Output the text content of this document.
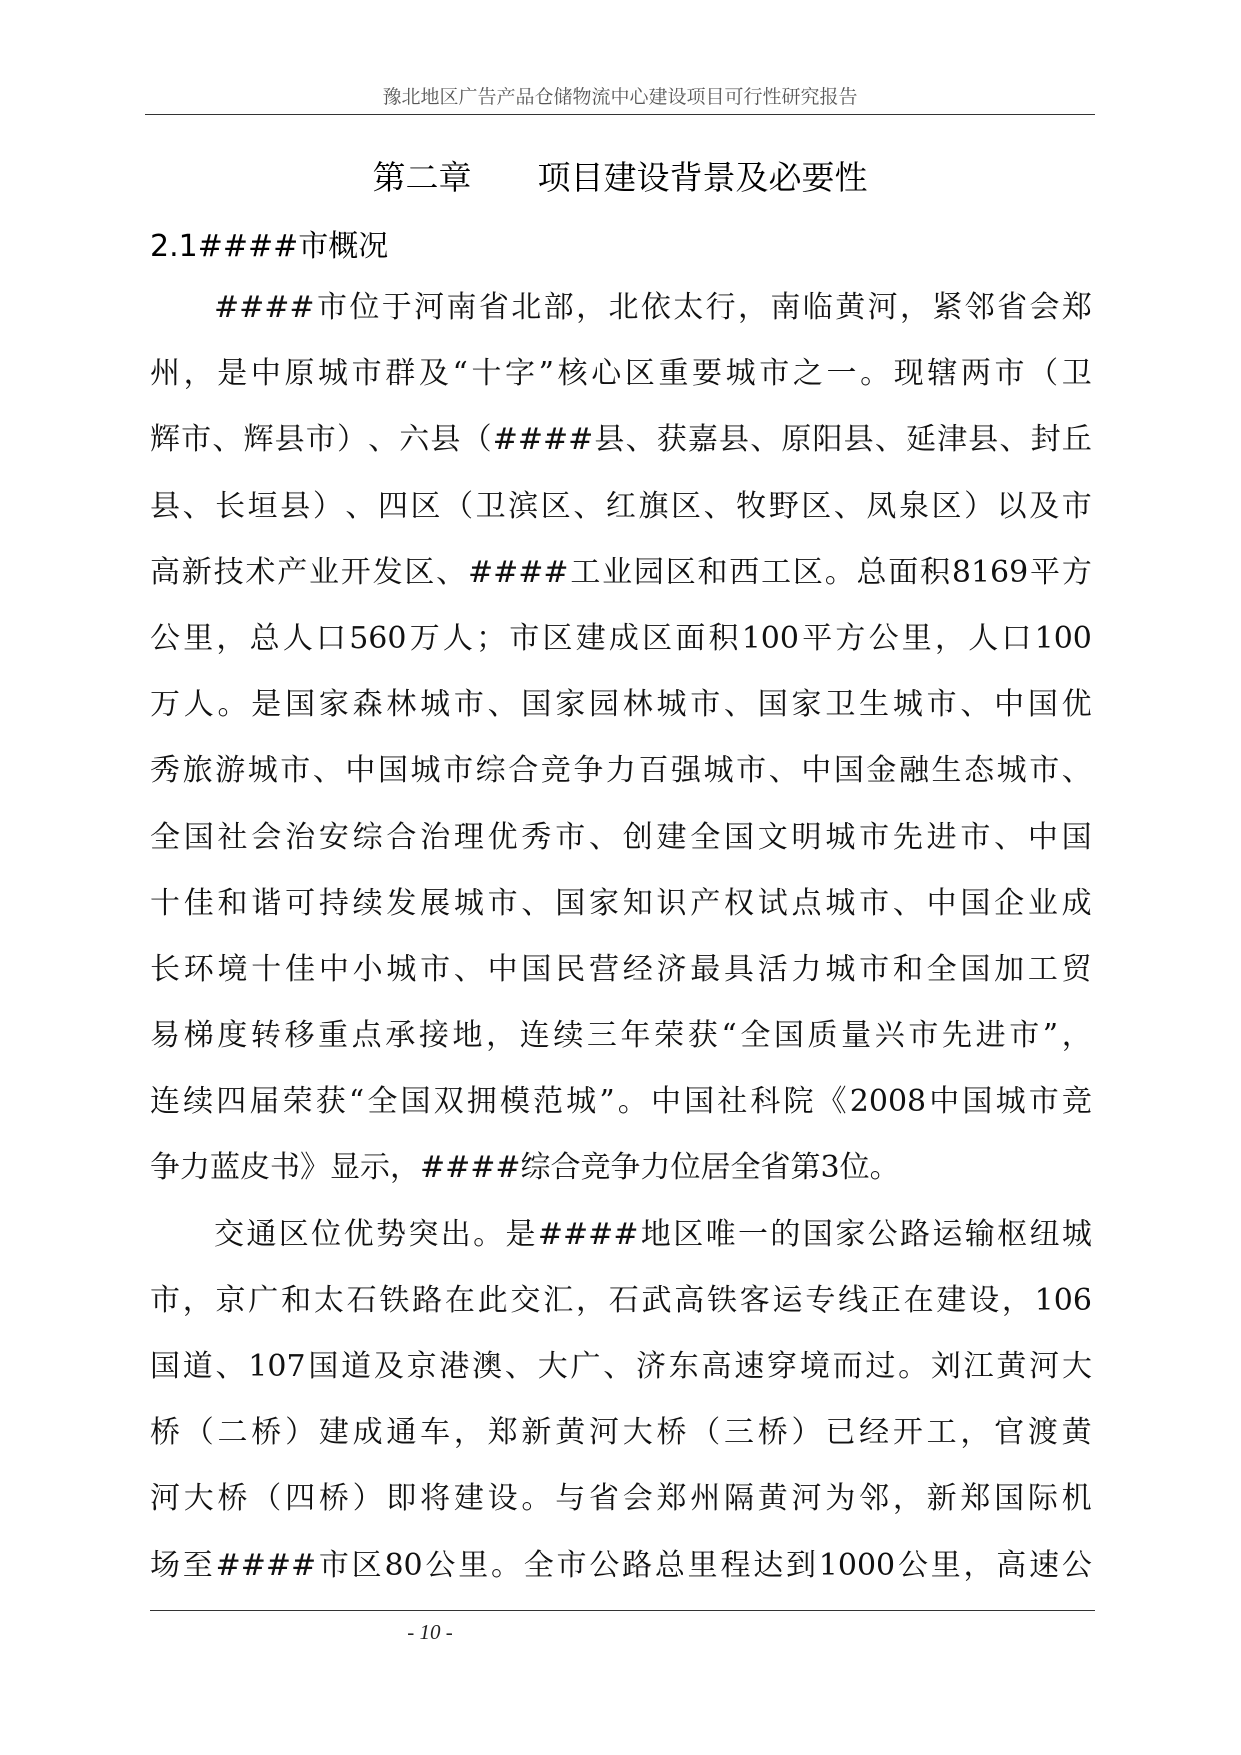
豫北地区广告产品仓储物流中心建设项目可行性研究报告
第二章　　项目建设背景及必要性
2.1####市概况
#### 市 位 于 河 南 省 北 部 ， 北 依 太 行 ， 南 临 黄 河 ， 紧 邻 省 会 郑
州 ， 是 中 原 城 市 群 及 “ 十 字 ” 核 心 区 重 要 城 市 之 一 。 现 辖 两 市 （ 卫
辉 市 、 辉 县 市 ） 、 六 县 （ #### 县 、 获 嘉 县 、 原 阳 县 、 延 津 县 、 封 丘
县 、 长 垣 县 ） 、 四 区 （ 卫 滨 区 、 红 旗 区 、 牧 野 区 、 凤 泉 区 ） 以 及 市
高 新 技 术 产 业 开 发 区 、 #### 工 业 园 区 和 西 工 区 。 总 面 积 8169 平 方
公 里 ， 总 人 口 560 万 人 ； 市 区 建 成 区 面 积 100 平 方 公 里 ， 人 口 100
万 人 。 是 国 家 森 林 城 市 、 国 家 园 林 城 市 、 国 家 卫 生 城 市 、 中 国 优
秀 旅 游 城 市 、 中 国 城 市 综 合 竞 争 力 百 强 城 市 、 中 国 金 融 生 态 城 市 、
全 国 社 会 治 安 综 合 治 理 优 秀 市 、 创 建 全 国 文 明 城 市 先 进 市 、 中 国
十 佳 和 谐 可 持 续 发 展 城 市 、 国 家 知 识 产 权 试 点 城 市 、 中 国 企 业 成
长 环 境 十 佳 中 小 城 市 、 中 国 民 营 经 济 最 具 活 力 城 市 和 全 国 加 工 贸
易 梯 度 转 移 重 点 承 接 地 ， 连 续 三 年 荣 获 “ 全 国 质 量 兴 市 先 进 市 ” ，
连 续 四 届 荣 获 “ 全 国 双 拥 模 范 城 ” 。 中 国 社 科 院 《 2008 中 国 城 市 竞
争 力 蓝 皮 书 》 显 示 ， #### 综 合 竞 争 力 位 居 全 省 第 3 位 。
交 通 区 位 优 势 突 出 。 是 #### 地 区 唯 一 的 国 家 公 路 运 输 枢 纽 城
市 ， 京 广 和 太 石 铁 路 在 此 交 汇 ， 石 武 高 铁 客 运 专 线 正 在 建 设 ， 106
国 道 、 107 国 道 及 京 港 澳 、 大 广 、 济 东 高 速 穿 境 而 过 。 刘 江 黄 河 大
桥 （ 二 桥 ） 建 成 通 车 ， 郑 新 黄 河 大 桥 （ 三 桥 ） 已 经 开 工 ， 官 渡 黄
河 大 桥 （ 四 桥 ） 即 将 建 设 。 与 省 会 郑 州 隔 黄 河 为 邻 ， 新 郑 国 际 机
场 至 #### 市 区 80 公 里 。 全 市 公 路 总 里 程 达 到 1000 公 里 ， 高 速 公
- 10 -
